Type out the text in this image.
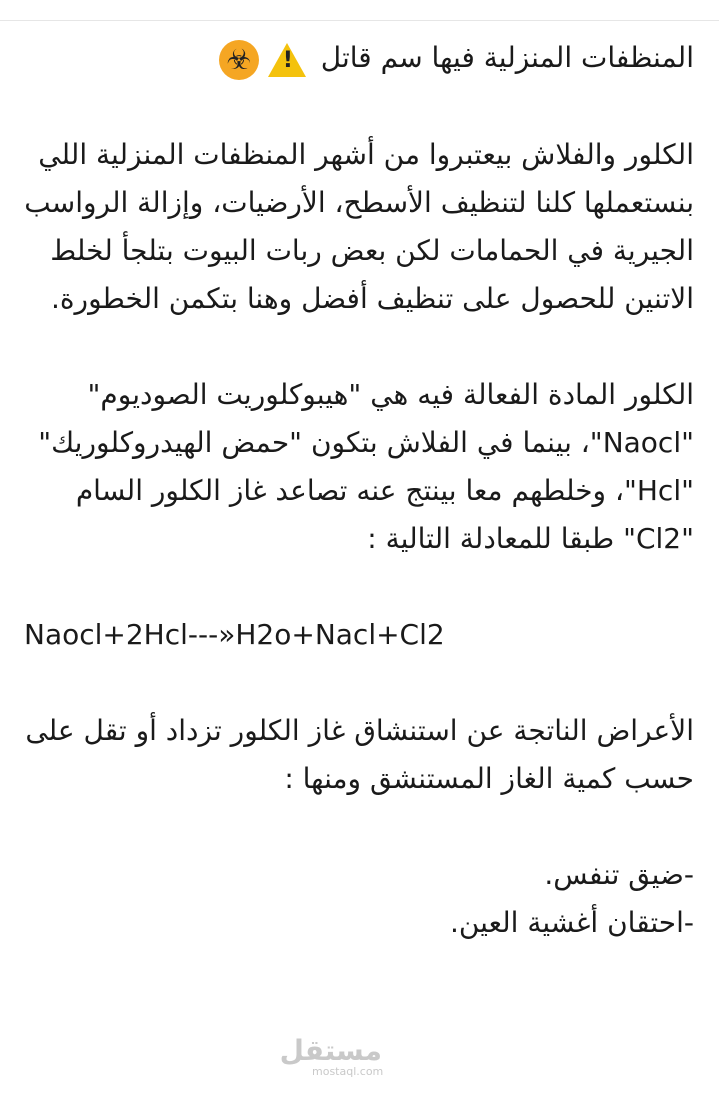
المنظفات المنزلية فيها سم قاتل ☣ !

الكلور والفلاش بيعتبروا من أشهر المنظفات المنزلية اللي بنستعملها كلنا لتنظيف الأسطح، الأرضيات، وإزالة الرواسب الجيرية في الحمامات لكن بعض ربات البيوت بتلجأ لخلط الاتنين للحصول على تنظيف أفضل وهنا بتكمن الخطورة.

الكلور المادة الفعالة فيه هي "هيبوكلوريت الصوديوم" "Naocl"، بينما في الفلاش بتكون "حمض الهيدروكلوريك" "Hcl"، وخلطهم معا بينتج عنه تصاعد غاز الكلور السام "Cl2" طبقا للمعادلة التالية :

Naocl+2Hcl---»H2o+Nacl+Cl2

الأعراض الناتجة عن استنشاق غاز الكلور تزداد أو تقل على حسب كمية الغاز المستنشق ومنها :

-ضيق تنفس.
-احتقان أغشية العين.
مستقل
mostaql.com
